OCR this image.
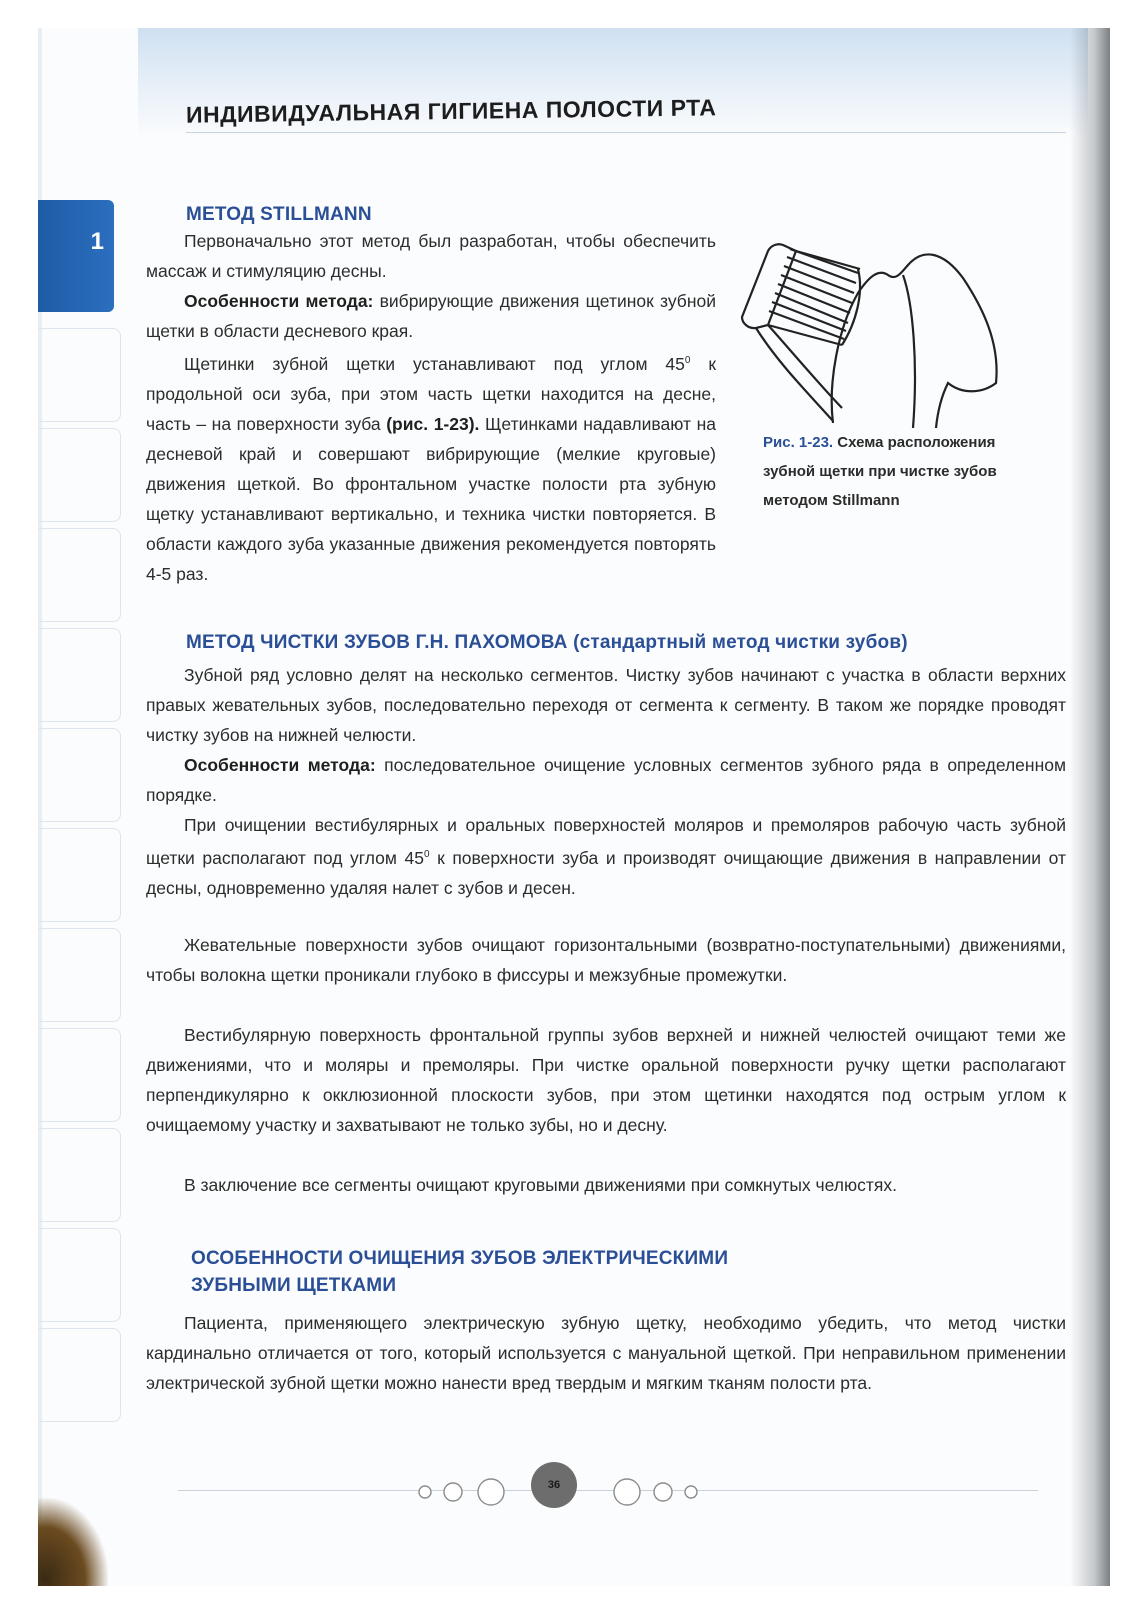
ИНДИВИДУАЛЬНАЯ ГИГИЕНА ПОЛОСТИ РТА
1
МЕТОД STILLMANN

Первоначально этот метод был разработан, чтобы обеспечить массаж и стимуляцию десны.

Особенности метода: вибрирующие движения щетинок зубной щетки в области десневого края.

Щетинки зубной щетки устанавливают под углом $45^0$ к продольной оси зуба, при этом часть щетки находится на десне, часть – на поверхности зуба (рис. 1-23). Щетинками надавливают на десневой край и совершают вибрирующие (мелкие круговые) движения щеткой. Во фронтальном участке полости рта зубную щетку устанавливают вертикально, и техника чистки повторяется. В области каждого зуба указанные движения рекомендуется повторять 4-5 раз.

МЕТОД ЧИСТКИ ЗУБОВ Г.Н. ПАХОМОВА (стандартный метод чистки зубов)

Зубной ряд условно делят на несколько сегментов. Чистку зубов начинают с участка в области верхних правых жевательных зубов, последовательно переходя от сегмента к сегменту. В таком же порядке проводят чистку зубов на нижней челюсти.

Особенности метода: последовательное очищение условных сегментов зубного ряда в определенном порядке.

При очищении вестибулярных и оральных поверхностей моляров и премоляров рабочую часть зубной щетки располагают под углом $45^0$ к поверхности зуба и производят очищающие движения в направлении от десны, одновременно удаляя налет с зубов и десен.

Жевательные поверхности зубов очищают горизонтальными (возвратно-поступательными) движениями, чтобы волокна щетки проникали глубоко в фиссуры и межзубные промежутки.

Вестибулярную поверхность фронтальной группы зубов верхней и нижней челюстей очищают теми же движениями, что и моляры и премоляры. При чистке оральной поверхности ручку щетки располагают перпендикулярно к окклюзионной плоскости зубов, при этом щетинки находятся под острым углом к очищаемому участку и захватывают не только зубы, но и десну.

В заключение все сегменты очищают круговыми движениями при сомкнутых челюстях.

ОСОБЕННОСТИ ОЧИЩЕНИЯ ЗУБОВ ЭЛЕКТРИЧЕСКИМИ
ЗУБНЫМИ ЩЕТКАМИ

Пациента, применяющего электрическую зубную щетку, необходимо убедить, что метод чистки кардинально отличается от того, который используется с мануальной щеткой. При неправильном применении электрической зубной щетки можно нанести вред твердым и мягким тканям полости рта.

Рис. 1-23. Схема расположения зубной щетки при чистке зубов методом Stillmann
36
